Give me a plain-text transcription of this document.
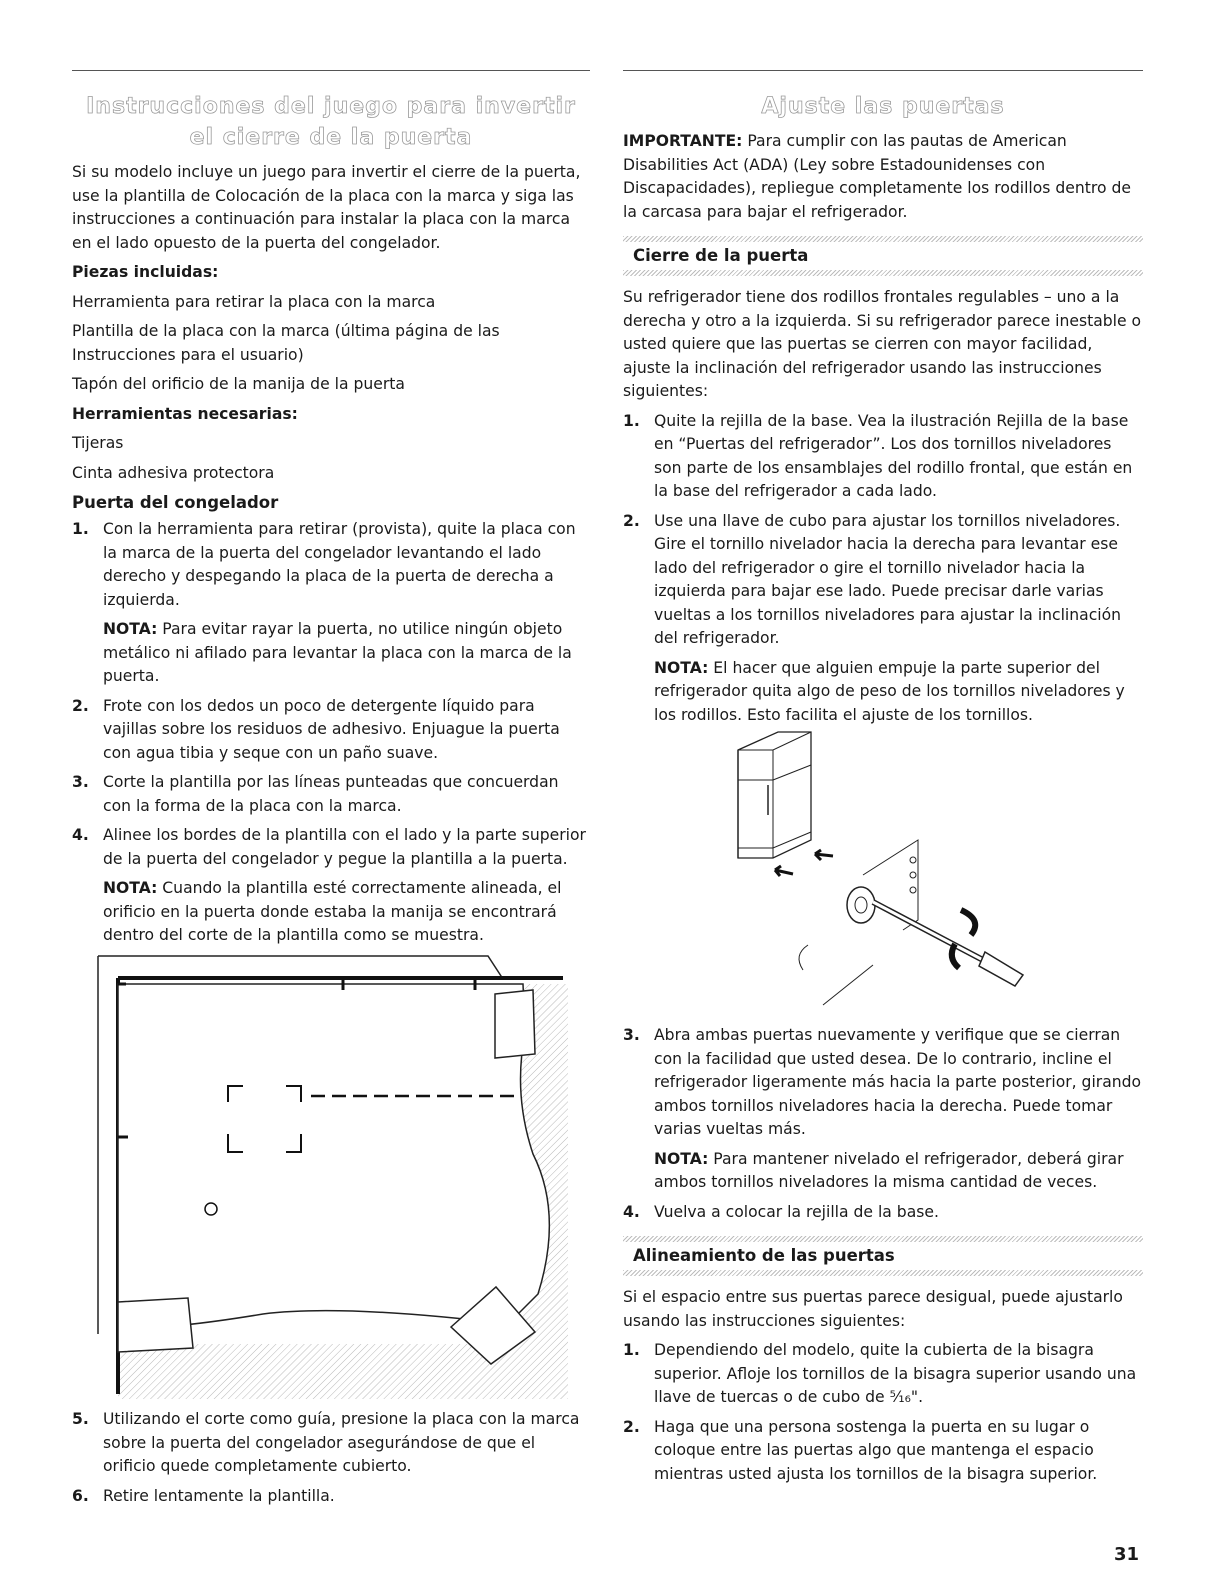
Instrucciones del juego para invertir
el cierre de la puerta

Si su modelo incluye un juego para invertir el cierre de la puerta, use la plantilla de Colocación de la placa con la marca y siga las instrucciones a continuación para instalar la placa con la marca en el lado opuesto de la puerta del congelador.

Piezas incluidas:

Herramienta para retirar la placa con la marca

Plantilla de la placa con la marca (última página de las Instrucciones para el usuario)

Tapón del orificio de la manija de la puerta

Herramientas necesarias:

Tijeras

Cinta adhesiva protectora

Puerta del congelador
1. Con la herramienta para retirar (provista), quite la placa con la marca de la puerta del congelador levantando el lado derecho y despegando la placa de la puerta de derecha a izquierda.

NOTA: Para evitar rayar la puerta, no utilice ningún objeto metálico ni afilado para levantar la placa con la marca de la puerta.

2. Frote con los dedos un poco de detergente líquido para vajillas sobre los residuos de adhesivo. Enjuague la puerta con agua tibia y seque con un paño suave.

3. Corte la plantilla por las líneas punteadas que concuerdan con la forma de la placa con la marca.

4. Alinee los bordes de la plantilla con el lado y la parte superior de la puerta del congelador y pegue la plantilla a la puerta.

NOTA: Cuando la plantilla esté correctamente alineada, el orificio en la puerta donde estaba la manija se encontrará dentro del corte de la plantilla como se muestra.

5. Utilizando el corte como guía, presione la placa con la marca sobre la puerta del congelador asegurándose de que el orificio quede completamente cubierto.

6. Retire lentamente la plantilla.

Ajuste las puertas

IMPORTANTE: Para cumplir con las pautas de American Disabilities Act (ADA) (Ley sobre Estadounidenses con Discapacidades), repliegue completamente los rodillos dentro de la carcasa para bajar el refrigerador.

Cierre de la puerta

Su refrigerador tiene dos rodillos frontales regulables – uno a la derecha y otro a la izquierda. Si su refrigerador parece inestable o usted quiere que las puertas se cierren con mayor facilidad, ajuste la inclinación del refrigerador usando las instrucciones siguientes:

1. Quite la rejilla de la base. Vea la ilustración Rejilla de la base en “Puertas del refrigerador”. Los dos tornillos niveladores son parte de los ensamblajes del rodillo frontal, que están en la base del refrigerador a cada lado.

2. Use una llave de cubo para ajustar los tornillos niveladores. Gire el tornillo nivelador hacia la derecha para levantar ese lado del refrigerador o gire el tornillo nivelador hacia la izquierda para bajar ese lado. Puede precisar darle varias vueltas a los tornillos niveladores para ajustar la inclinación del refrigerador.

NOTA: El hacer que alguien empuje la parte superior del refrigerador quita algo de peso de los tornillos niveladores y los rodillos. Esto facilita el ajuste de los tornillos.

3. Abra ambas puertas nuevamente y verifique que se cierran con la facilidad que usted desea. De lo contrario, incline el refrigerador ligeramente más hacia la parte posterior, girando ambos tornillos niveladores hacia la derecha. Puede tomar varias vueltas más.

NOTA: Para mantener nivelado el refrigerador, deberá girar ambos tornillos niveladores la misma cantidad de veces.

4. Vuelva a colocar la rejilla de la base.

Alineamiento de las puertas

Si el espacio entre sus puertas parece desigual, puede ajustarlo usando las instrucciones siguientes:

1. Dependiendo del modelo, quite la cubierta de la bisagra superior. Afloje los tornillos de la bisagra superior usando una llave de tuercas o de cubo de ⁵⁄₁₆".

2. Haga que una persona sostenga la puerta en su lugar o coloque entre las puertas algo que mantenga el espacio mientras usted ajusta los tornillos de la bisagra superior.

31
